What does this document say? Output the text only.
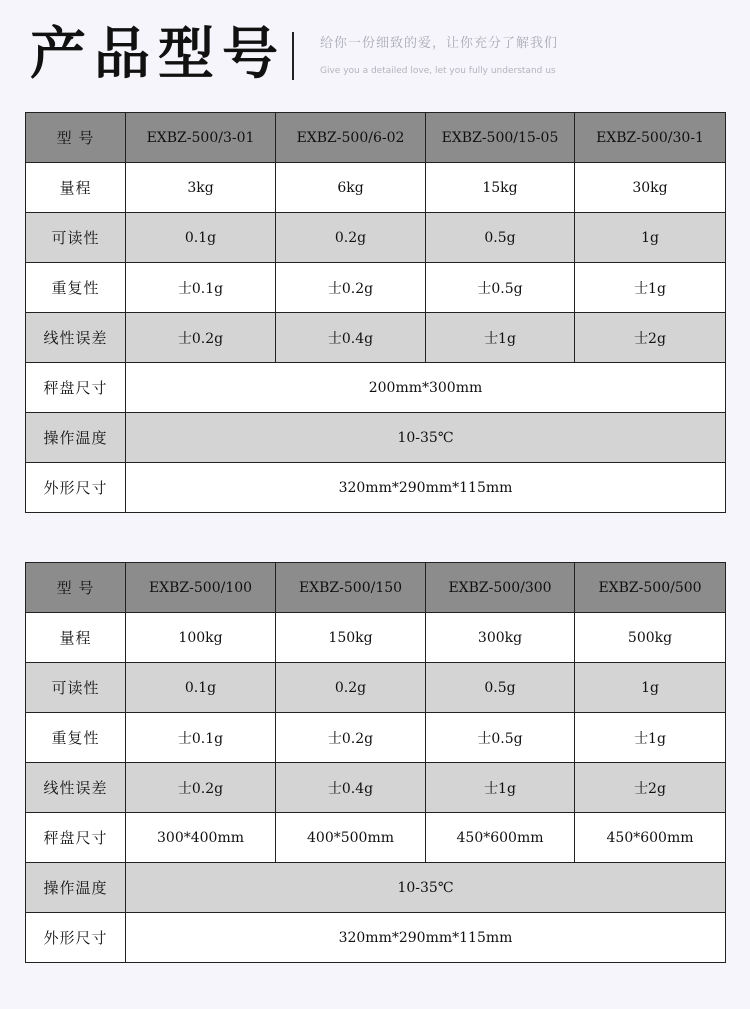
产品型号	给你一份细致的爱，让你充分了解我们
Give you a detailed love, let you fully understand us
型 号	EXBZ-500/3-01	EXBZ-500/6-02	EXBZ-500/15-05	EXBZ-500/30-1
量程	3kg	6kg	15kg	30kg
可读性	0.1g	0.2g	0.5g	1g
重复性	士0.1g	士0.2g	士0.5g	士1g
线性误差	士0.2g	士0.4g	士1g	士2g
秤盘尺寸	200mm*300mm			
操作温度	10-35℃			
外形尺寸	320mm*290mm*115mm			
型 号	EXBZ-500/100	EXBZ-500/150	EXBZ-500/300	EXBZ-500/500
量程	100kg	150kg	300kg	500kg
可读性	0.1g	0.2g	0.5g	1g
重复性	士0.1g	士0.2g	士0.5g	士1g
线性误差	士0.2g	士0.4g	士1g	士2g
秤盘尺寸	300*400mm	400*500mm	450*600mm	450*600mm
操作温度	10-35℃			
外形尺寸	320mm*290mm*115mm			
